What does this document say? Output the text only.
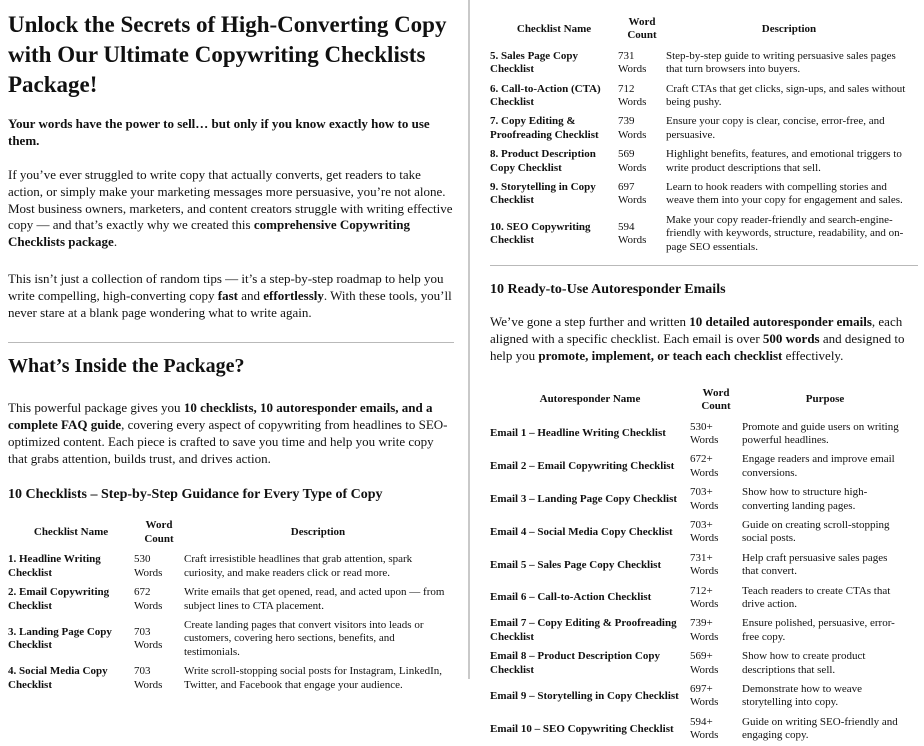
Unlock the Secrets of High-Converting Copy with Our Ultimate Copywriting Checklists Package!

Your words have the power to sell… but only if you know exactly how to use them.

If you’ve ever struggled to write copy that actually converts, get readers to take action, or simply make your marketing messages more persuasive, you’re not alone. Most business owners, marketers, and content creators struggle with writing effective copy — and that’s exactly why we created this comprehensive Copywriting Checklists package.

This isn’t just a collection of random tips — it’s a step-by-step roadmap to help you write compelling, high-converting copy fast and effortlessly. With these tools, you’ll never stare at a blank page wondering what to write again.

What’s Inside the Package?

This powerful package gives you 10 checklists, 10 autoresponder emails, and a complete FAQ guide, covering every aspect of copywriting from headlines to SEO-optimized content. Each piece is crafted to save you time and help you write copy that grabs attention, builds trust, and drives action.

10 Checklists – Step-by-Step Guidance for Every Type of Copy
Checklist Name	Word Count	Description
1. Headline Writing Checklist	530 Words	Craft irresistible headlines that grab attention, spark curiosity, and make readers click or read more.
2. Email Copywriting Checklist	672 Words	Write emails that get opened, read, and acted upon — from subject lines to CTA placement.
3. Landing Page Copy Checklist	703 Words	Create landing pages that convert visitors into leads or customers, covering hero sections, benefits, and testimonials.
4. Social Media Copy Checklist	703 Words	Write scroll-stopping social posts for Instagram, LinkedIn, Twitter, and Facebook that engage your audience.
Checklist Name	Word Count	Description
5. Sales Page Copy Checklist	731 Words	Step-by-step guide to writing persuasive sales pages that turn browsers into buyers.
6. Call-to-Action (CTA) Checklist	712 Words	Craft CTAs that get clicks, sign-ups, and sales without being pushy.
7. Copy Editing & Proofreading Checklist	739 Words	Ensure your copy is clear, concise, error-free, and persuasive.
8. Product Description Copy Checklist	569 Words	Highlight benefits, features, and emotional triggers to write product descriptions that sell.
9. Storytelling in Copy Checklist	697 Words	Learn to hook readers with compelling stories and weave them into your copy for engagement and sales.
10. SEO Copywriting Checklist	594 Words	Make your copy reader-friendly and search-engine-friendly with keywords, structure, readability, and on-page SEO essentials.
10 Ready-to-Use Autoresponder Emails

We’ve gone a step further and written 10 detailed autoresponder emails, each aligned with a specific checklist. Each email is over 500 words and designed to help you promote, implement, or teach each checklist effectively.

Autoresponder Name	Word Count	Purpose
Email 1 – Headline Writing Checklist	530+ Words	Promote and guide users on writing powerful headlines.
Email 2 – Email Copywriting Checklist	672+ Words	Engage readers and improve email conversions.
Email 3 – Landing Page Copy Checklist	703+ Words	Show how to structure high-converting landing pages.
Email 4 – Social Media Copy Checklist	703+ Words	Guide on creating scroll-stopping social posts.
Email 5 – Sales Page Copy Checklist	731+ Words	Help craft persuasive sales pages that convert.
Email 6 – Call-to-Action Checklist	712+ Words	Teach readers to create CTAs that drive action.
Email 7 – Copy Editing & Proofreading Checklist	739+ Words	Ensure polished, persuasive, error-free copy.
Email 8 – Product Description Copy Checklist	569+ Words	Show how to create product descriptions that sell.
Email 9 – Storytelling in Copy Checklist	697+ Words	Demonstrate how to weave storytelling into copy.
Email 10 – SEO Copywriting Checklist	594+ Words	Guide on writing SEO-friendly and engaging copy.
